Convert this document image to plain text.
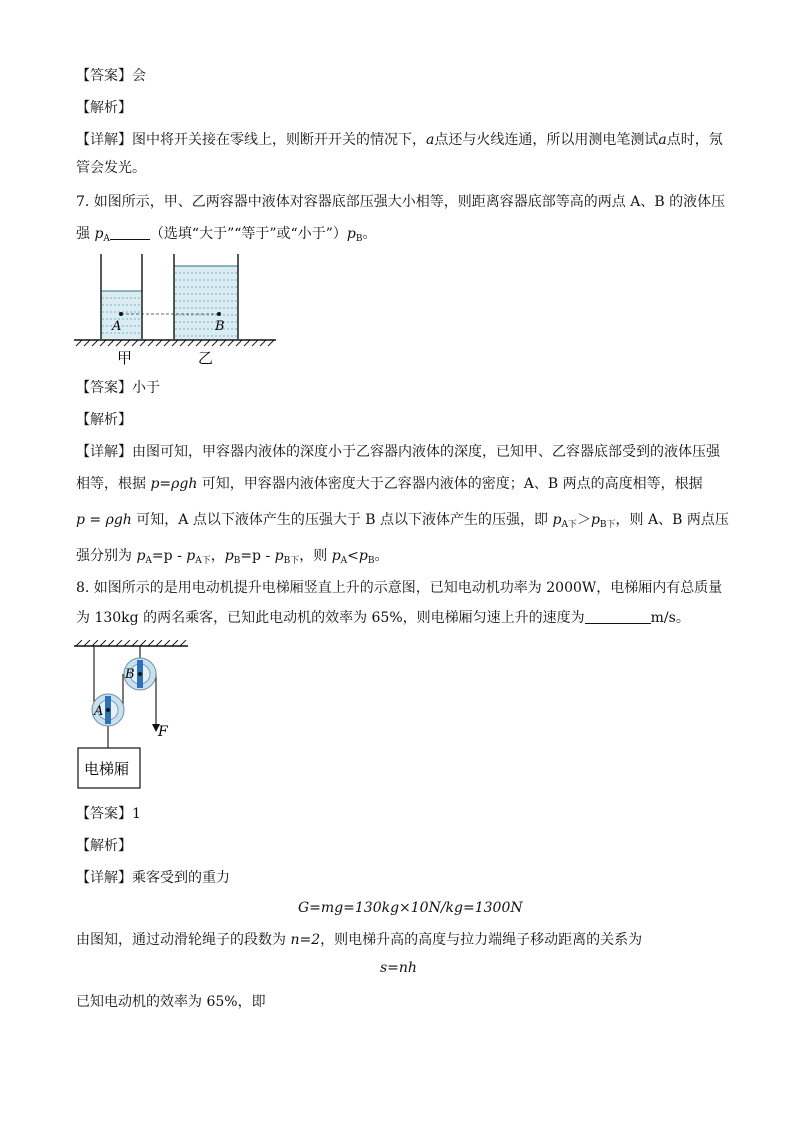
【答案】会
【解析】
【详解】图中将开关接在零线上，则断开开关的情况下，a点还与火线连通，所以用测电笔测试a点时，氖
管会发光。
7. 如图所示，甲、乙两容器中液体对容器底部压强大小相等，则距离容器底部等高的两点 A、B 的液体压
强 $p_A$	（选填“大于”“等于”或“小于$”)p_B$。
A	B
甲	乙
【答案】小于
【解析】
【详解】由图可知，甲容器内液体的深度小于乙容器内液体的深度，已知甲、乙容器底部受到的液体压强
相等，根据 p=ρgh 可知，甲容器内液体密度大于乙容器内液体的密度；A、B 两点的高度相等，根据
p = ρgh 可知，A 点以下液体产生的压强大于 B 点以下液体产生的压强，即 $p_{A下}>p_{B下}$，则 A、B 两点压
强分别为 $p_A=p - p_{A下}$，$p_B=p - p_{B下}$，则 $p_A<p_B$。
8. 如图所示的是用电动机提升电梯厢竖直上升的示意图，已知电动机功率为 2000W，电梯厢内有总质量
为 130kg 的两名乘客，已知此电动机的效率为 65%，则电梯厢匀速上升的速度为	m/s。
B
A
F
电梯厢
【答案】1
【解析】
【详解】乘客受到的重力
G=mg=130kg×10N/kg=1300N
由图知，通过动滑轮绳子的段数为 n=2，则电梯升高的高度与拉力端绳子移动距离的关系为
s=nh
已知电动机的效率为 65%，即
